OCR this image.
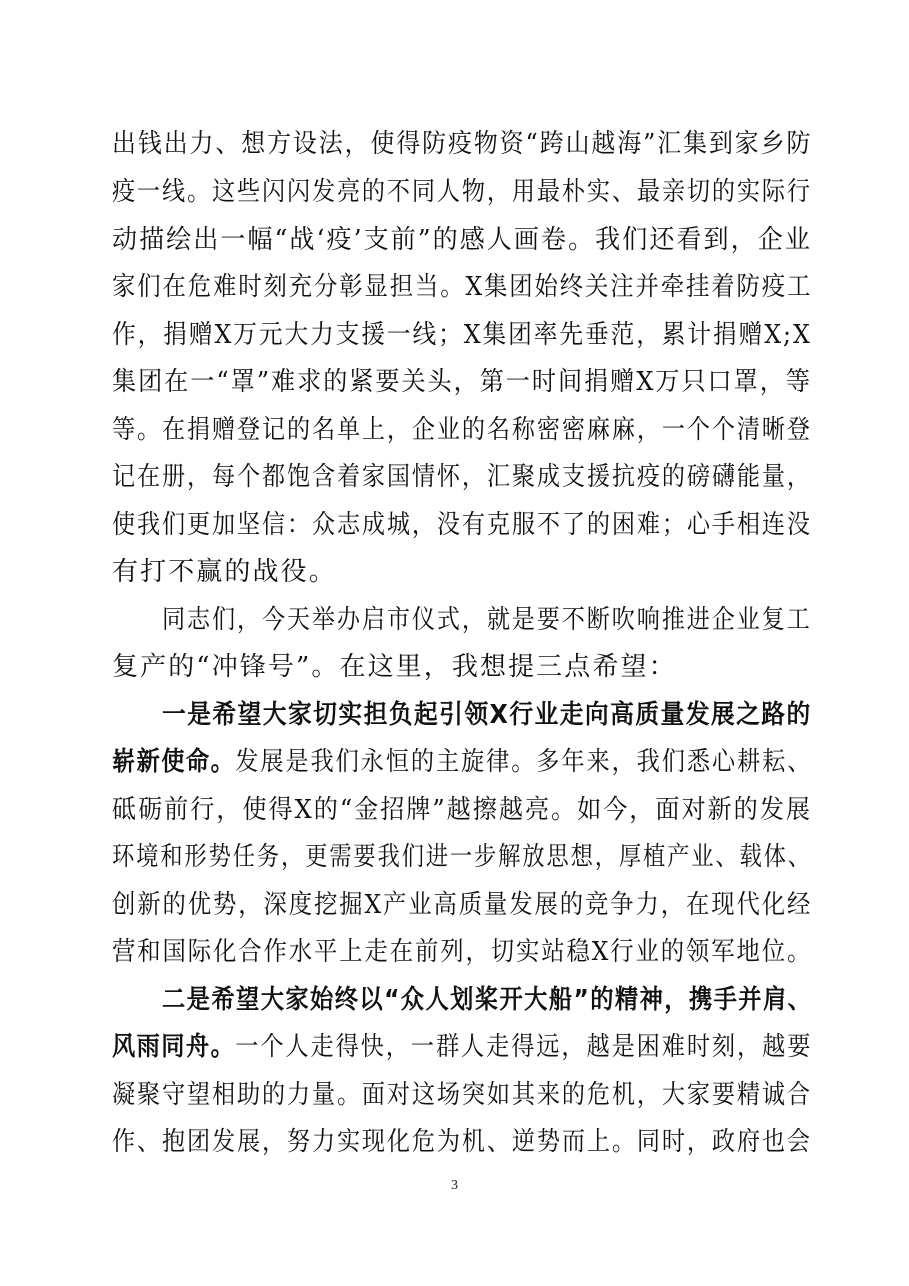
出钱出力、想方设法，使得防疫物资“跨山越海”汇集到家乡防
疫一线。这些闪闪发亮的不同人物，用最朴实、最亲切的实际行
动描绘出一幅“战‘疫’支前”的感人画卷。我们还看到，企业
家们在危难时刻充分彰显担当。X集团始终关注并牵挂着防疫工
作，捐赠X万元大力支援一线；X集团率先垂范，累计捐赠X;X
集团在一“罩”难求的紧要关头，第一时间捐赠X万只口罩，等
等。在捐赠登记的名单上，企业的名称密密麻麻，一个个清晰登
记在册，每个都饱含着家国情怀，汇聚成支援抗疫的磅礴能量，
使我们更加坚信：众志成城，没有克服不了的困难；心手相连没
有打不赢的战役。
同志们，今天举办启市仪式，就是要不断吹响推进企业复工
复产的“冲锋号”。在这里，我想提三点希望：
一是希望大家切实担负起引领X行业走向高质量发展之路的
崭新使命。发展是我们永恒的主旋律。多年来，我们悉心耕耘、
砥砺前行，使得X的“金招牌”越擦越亮。如今，面对新的发展
环境和形势任务，更需要我们进一步解放思想，厚植产业、载体、
创新的优势，深度挖掘X产业高质量发展的竞争力，在现代化经
营和国际化合作水平上走在前列，切实站稳X行业的领军地位。
二是希望大家始终以“众人划桨开大船”的精神，携手并肩、
风雨同舟。一个人走得快，一群人走得远，越是困难时刻，越要
凝聚守望相助的力量。面对这场突如其来的危机，大家要精诚合
作、抱团发展，努力实现化危为机、逆势而上。同时，政府也会
3
